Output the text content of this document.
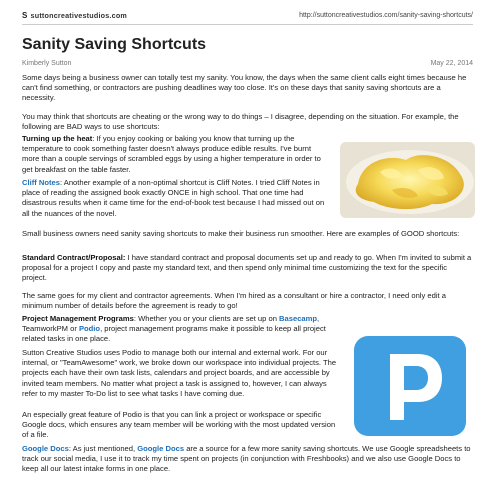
S suttoncreativestudios.com	http://suttoncreativestudios.com/sanity-saving-shortcuts/
Sanity Saving Shortcuts
Kimberly Sutton	May 22, 2014

Some days being a business owner can totally test my sanity. You know, the days when the same client calls eight times because he can't find something, or contractors are pushing deadlines way too close. It's on these days that sanity saving shortcuts are a necessity.

You may think that shortcuts are cheating or the wrong way to do things – I disagree, depending on the situation. For example, the following are BAD ways to use shortcuts:

Turning up the heat: If you enjoy cooking or baking you know that turning up the temperature to cook something faster doesn't always produce edible results. I've burnt more than a couple servings of scrambled eggs by using a higher temperature in order to get breakfast on the table faster.

Cliff Notes: Another example of a non-optimal shortcut is Cliff Notes. I tried Cliff Notes in place of reading the assigned book exactly ONCE in high school. That one time had disastrous results when it came time for the end-of-book test because I had missed out on all the nuances of the novel.

Small business owners need sanity saving shortcuts to make their business run smoother. Here are examples of GOOD shortcuts:

Standard Contract/Proposal: I have standard contract and proposal documents set up and ready to go. When I'm invited to submit a proposal for a project I copy and paste my standard text, and then spend only minimal time customizing the text for the specific project.

The same goes for my client and contractor agreements. When I'm hired as a consultant or hire a contractor, I need only edit a minimum number of details before the agreement is ready to go!

Project Management Programs: Whether you or your clients are set up on Basecamp, TeamworkPM or Podio, project management programs make it possible to keep all project related tasks in one place.

Sutton Creative Studios uses Podio to manage both our internal and external work. For our internal, or "TeamAwesome" work, we broke down our workspace into individual projects. The projects each have their own task lists, calendars and project boards, and are accessible by invited team members. No matter what project a task is assigned to, however, I can always refer to my master To-Do list to see what tasks I have coming due.

An especially great feature of Podio is that you can link a project or workspace or specific Google docs, which ensures any team member will be working with the most updated version of a file.

Google Docs: As just mentioned, Google Docs are a source for a few more sanity saving shortcuts. We use Google spreadsheets to track our social media, I use it to track my time spent on projects (in conjunction with Freshbooks) and we also use Google Docs to keep all our latest intake forms in one place.
